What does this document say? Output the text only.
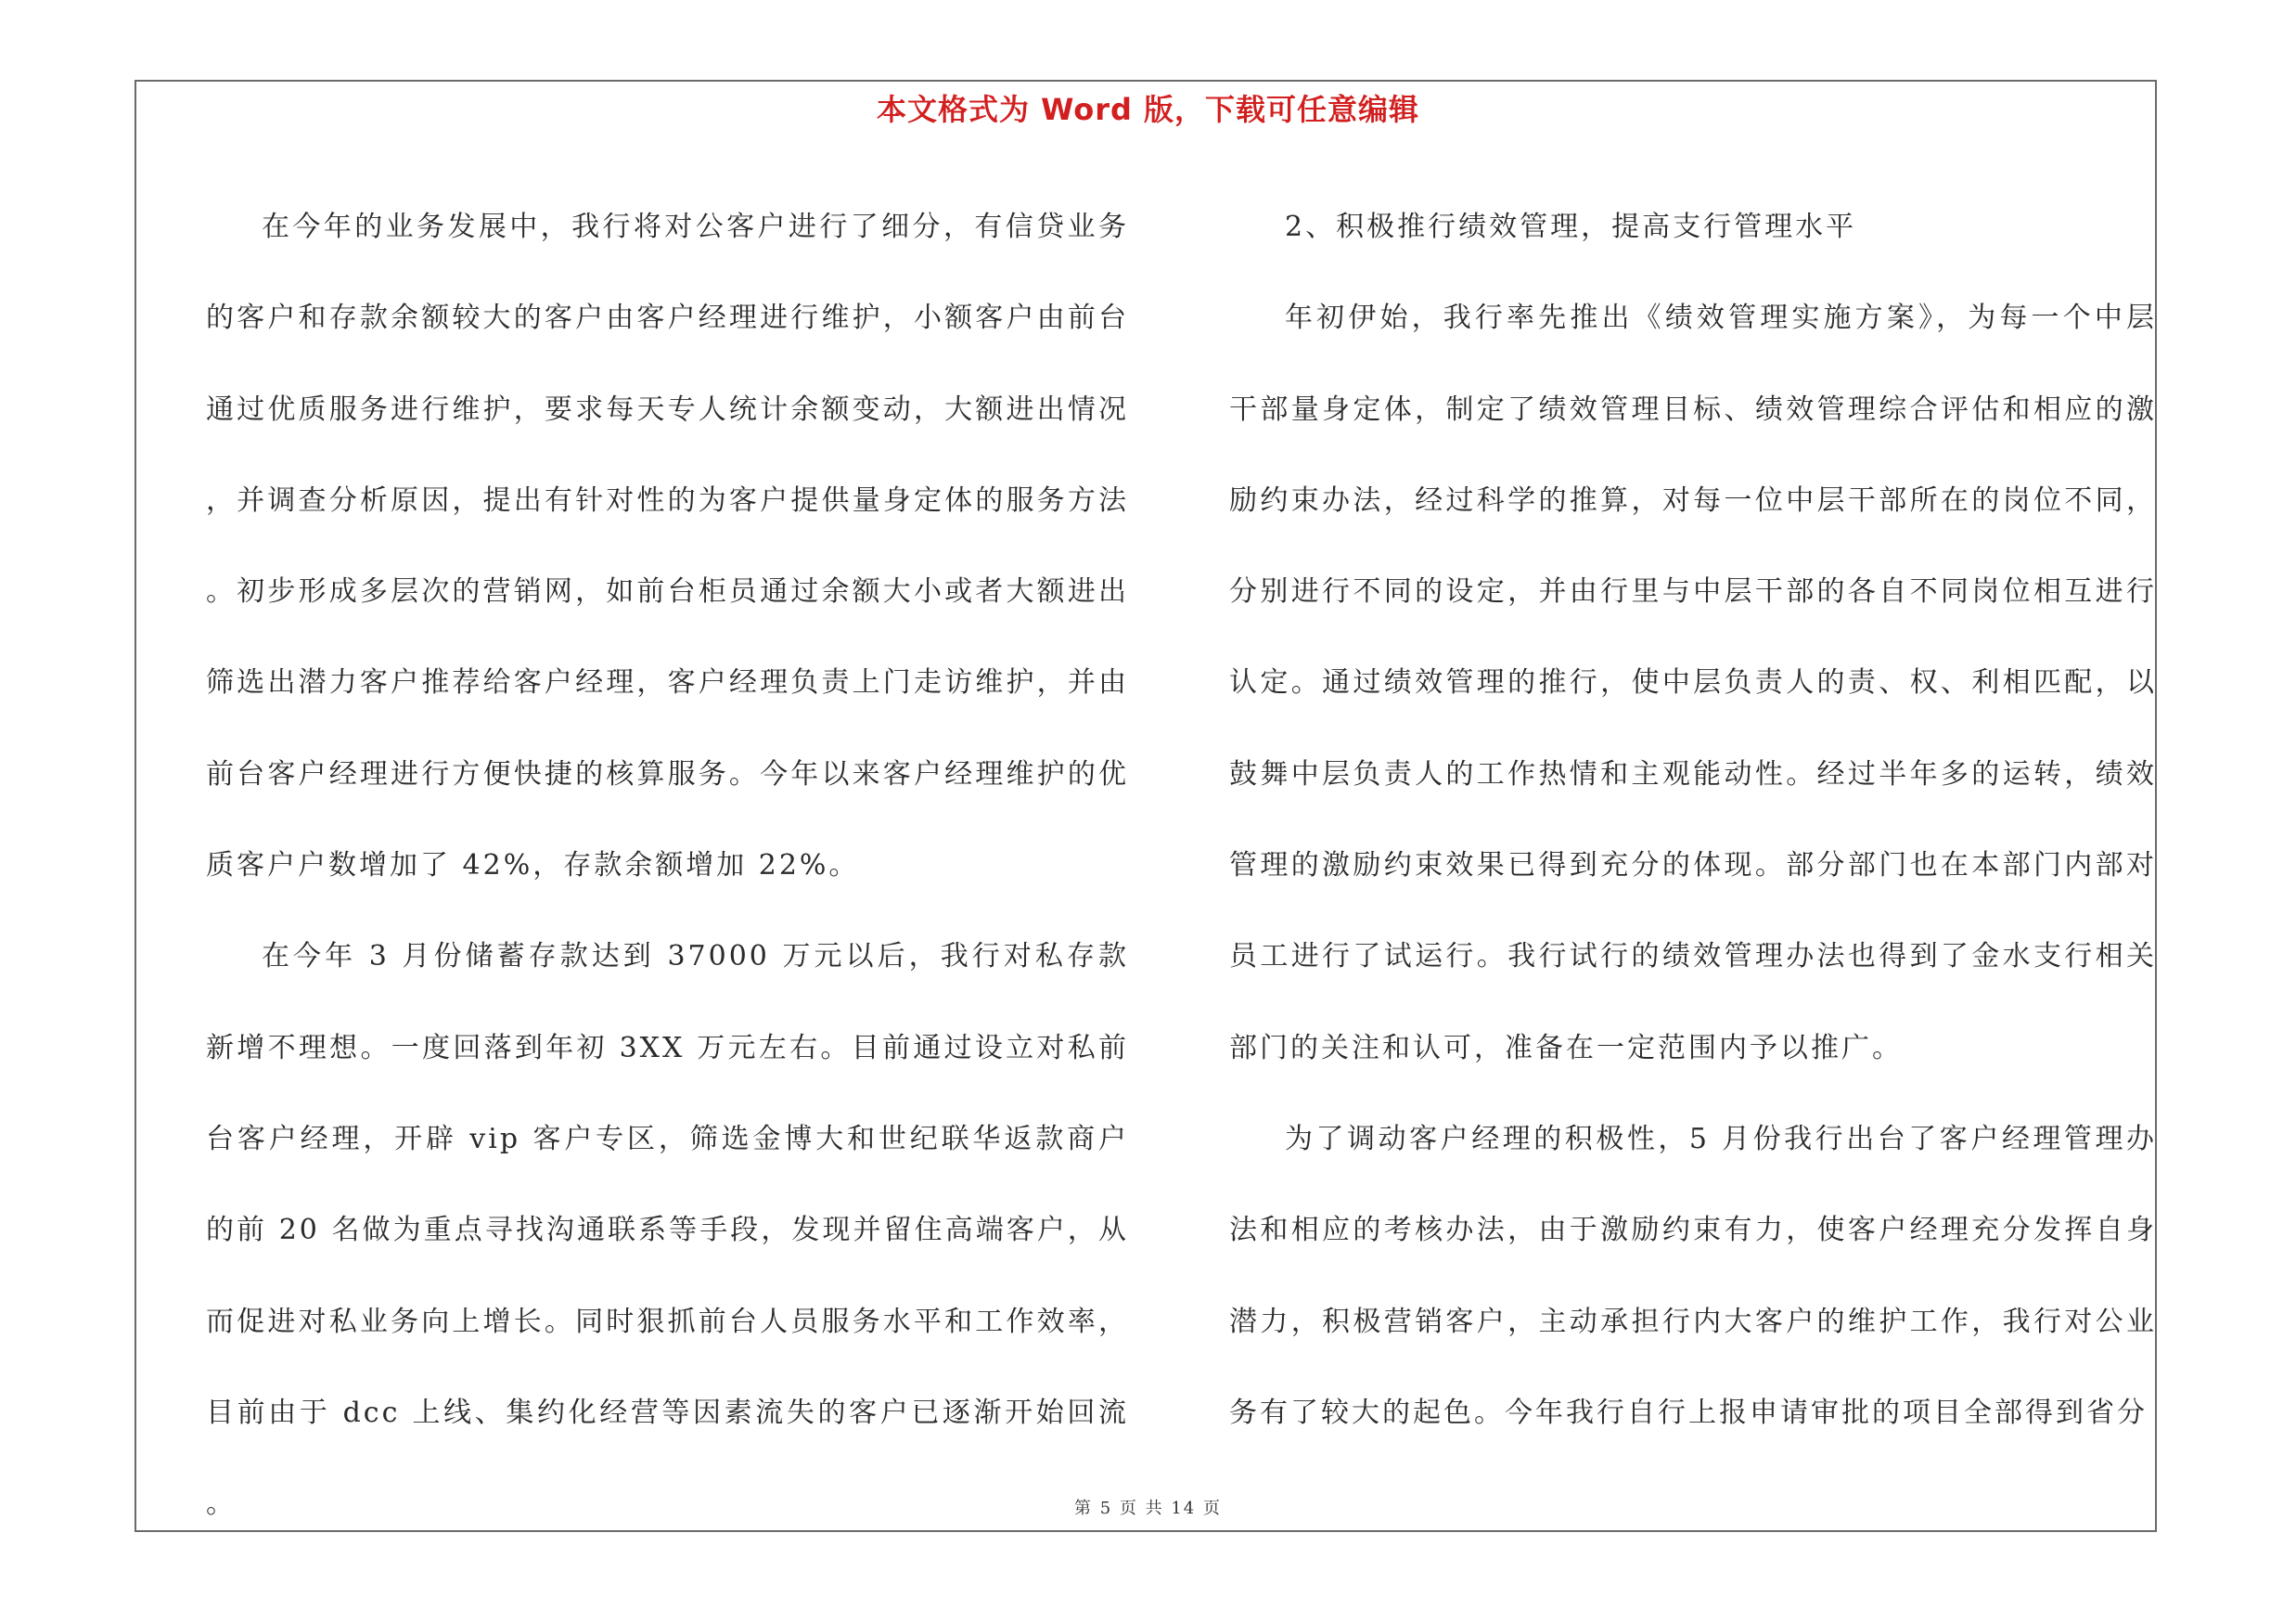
本文格式为 Word 版，下载可任意编辑

在今年的业务发展中，我行将对公客户进行了细分，有信贷业务的客户和存款余额较大的客户由客户经理进行维护，小额客户由前台通过优质服务进行维护，要求每天专人统计余额变动，大额进出情况，并调查分析原因，提出有针对性的为客户提供量身定体的服务方法。初步形成多层次的营销网，如前台柜员通过余额大小或者大额进出筛选出潜力客户推荐给客户经理，客户经理负责上门走访维护，并由前台客户经理进行方便快捷的核算服务。今年以来客户经理维护的优质客户户数增加了 42%，存款余额增加 22%。

在今年 3 月份储蓄存款达到 37000 万元以后，我行对私存款新增不理想。一度回落到年初 3XX 万元左右。目前通过设立对私前台客户经理，开辟 vip 客户专区，筛选金博大和世纪联华返款商户的前 20 名做为重点寻找沟通联系等手段，发现并留住高端客户，从而促进对私业务向上增长。同时狠抓前台人员服务水平和工作效率，目前由于 dcc 上线、集约化经营等因素流失的客户已逐渐开始回流。

2、积极推行绩效管理，提高支行管理水平

年初伊始，我行率先推出《绩效管理实施方案》，为每一个中层干部量身定体，制定了绩效管理目标、绩效管理综合评估和相应的激励约束办法，经过科学的推算，对每一位中层干部所在的岗位不同，分别进行不同的设定，并由行里与中层干部的各自不同岗位相互进行认定。通过绩效管理的推行，使中层负责人的责、权、利相匹配，以鼓舞中层负责人的工作热情和主观能动性。经过半年多的运转，绩效管理的激励约束效果已得到充分的体现。部分部门也在本部门内部对员工进行了试运行。我行试行的绩效管理办法也得到了金水支行相关部门的关注和认可，准备在一定范围内予以推广。

为了调动客户经理的积极性，5 月份我行出台了客户经理管理办法和相应的考核办法，由于激励约束有力，使客户经理充分发挥自身潜力，积极营销客户，主动承担行内大客户的维护工作，我行对公业务有了较大的起色。今年我行自行上报申请审批的项目全部得到省分

第 5 页 共 14 页
